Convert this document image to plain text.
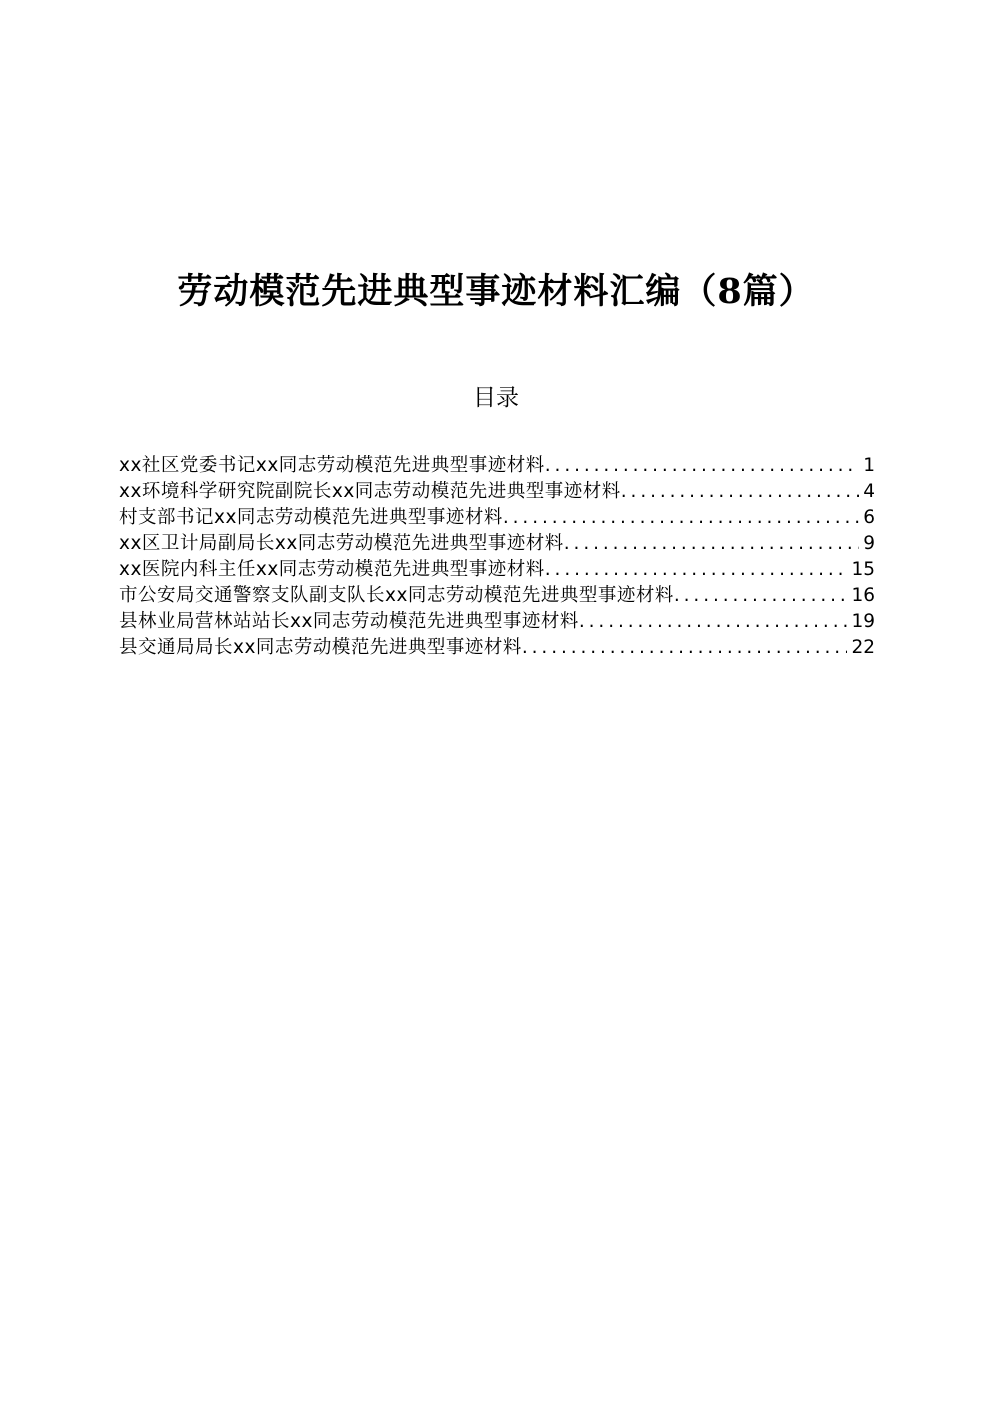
劳动模范先进典型事迹材料汇编（8篇）
目录
xx社区党委书记xx同志劳动模范先进典型事迹材料 . . .	1
xx环境科学研究院副院长xx同志劳动模范先进典型事迹材料 . . .	4
村支部书记xx同志劳动模范先进典型事迹材料 . . .	6
xx区卫计局副局长xx同志劳动模范先进典型事迹材料 . . .	9
xx医院内科主任xx同志劳动模范先进典型事迹材料 . . .	15
市公安局交通警察支队副支队长xx同志劳动模范先进典型事迹材料 . . .	16
县林业局营林站站长xx同志劳动模范先进典型事迹材料 . . .	19
县交通局局长xx同志劳动模范先进典型事迹材料 . . .	22
